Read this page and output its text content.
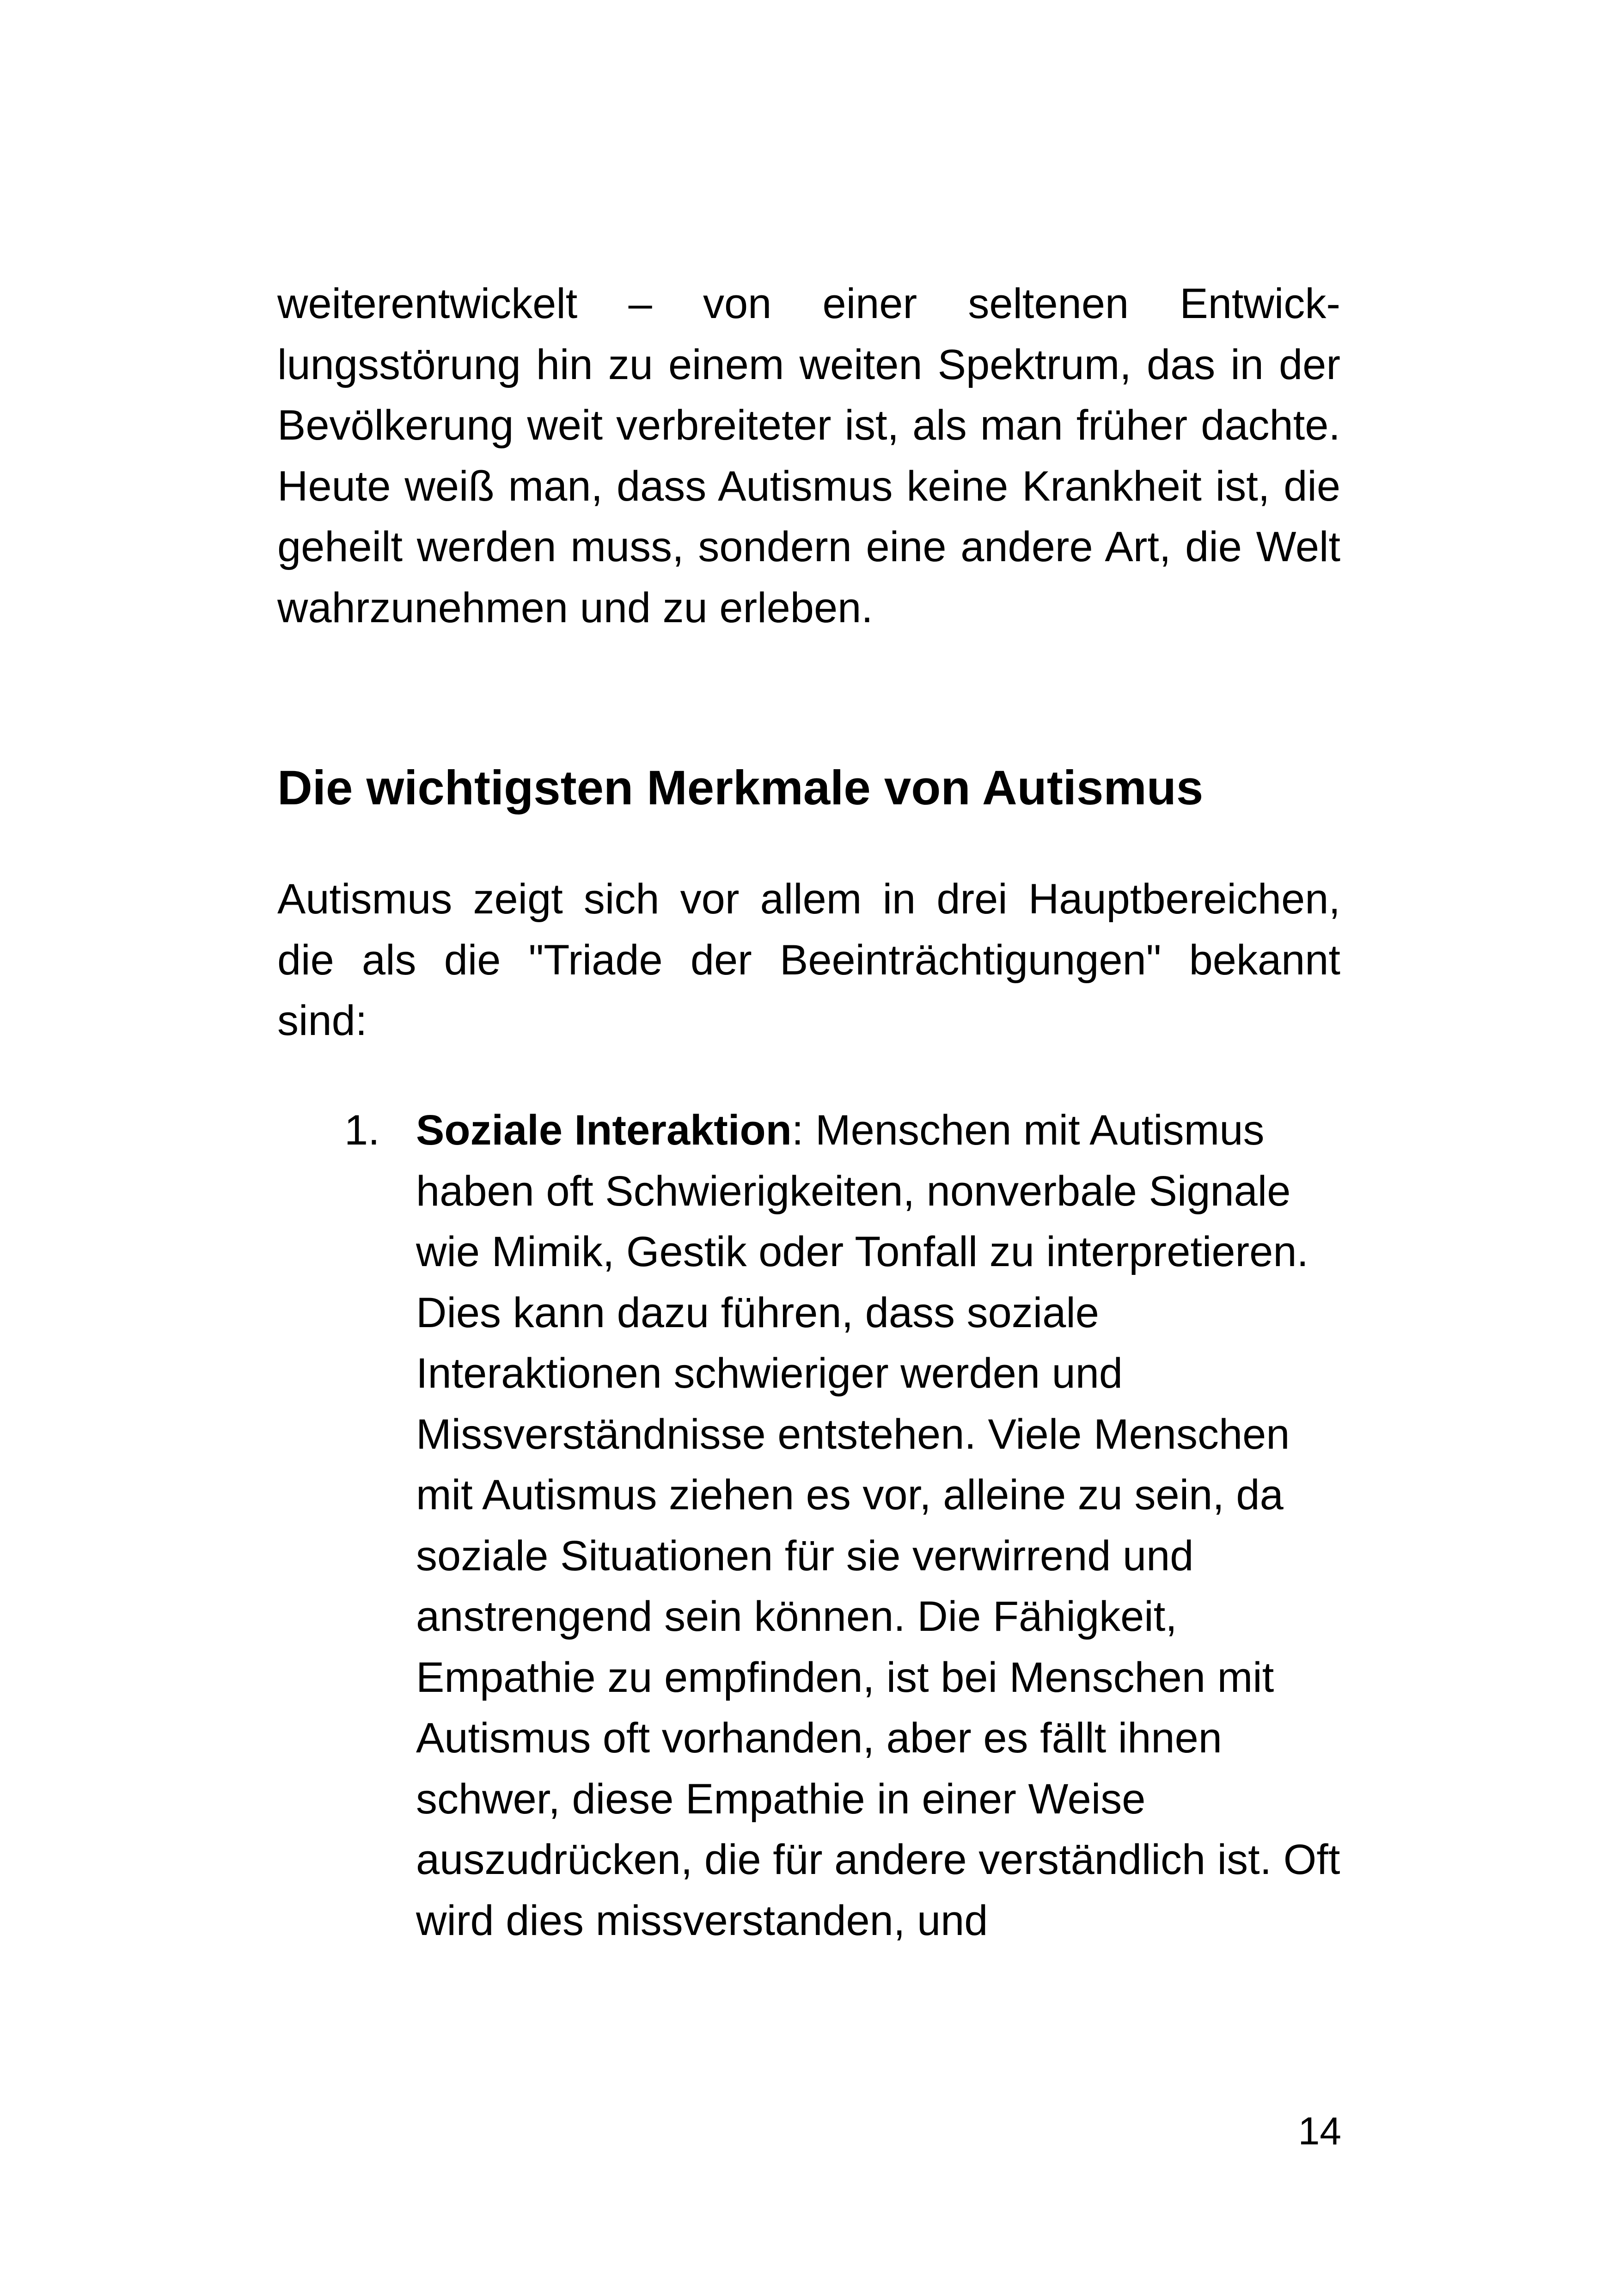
weiterentwickelt – von einer seltenen Entwicklungsstörung hin zu einem weiten Spektrum, das in der Bevölkerung weit verbreiteter ist, als man früher dachte. Heute weiß man, dass Autismus keine Krankheit ist, die geheilt werden muss, sondern eine andere Art, die Welt wahrzunehmen und zu erleben.

Die wichtigsten Merkmale von Autismus

Autismus zeigt sich vor allem in drei Hauptbereichen, die als die "Triade der Beeinträchtigungen" bekannt sind:

1. Soziale Interaktion: Menschen mit Autismus haben oft Schwierigkeiten, nonverbale Signale wie Mimik, Gestik oder Tonfall zu interpretieren. Dies kann dazu führen, dass soziale Interaktionen schwieriger werden und Missverständnisse entstehen. Viele Menschen mit Autismus ziehen es vor, alleine zu sein, da soziale Situationen für sie verwirrend und anstrengend sein können. Die Fähigkeit, Empathie zu empfinden, ist bei Menschen mit Autismus oft vorhanden, aber es fällt ihnen schwer, diese Empathie in einer Weise auszudrücken, die für andere verständlich ist. Oft wird dies missverstanden, und
14
